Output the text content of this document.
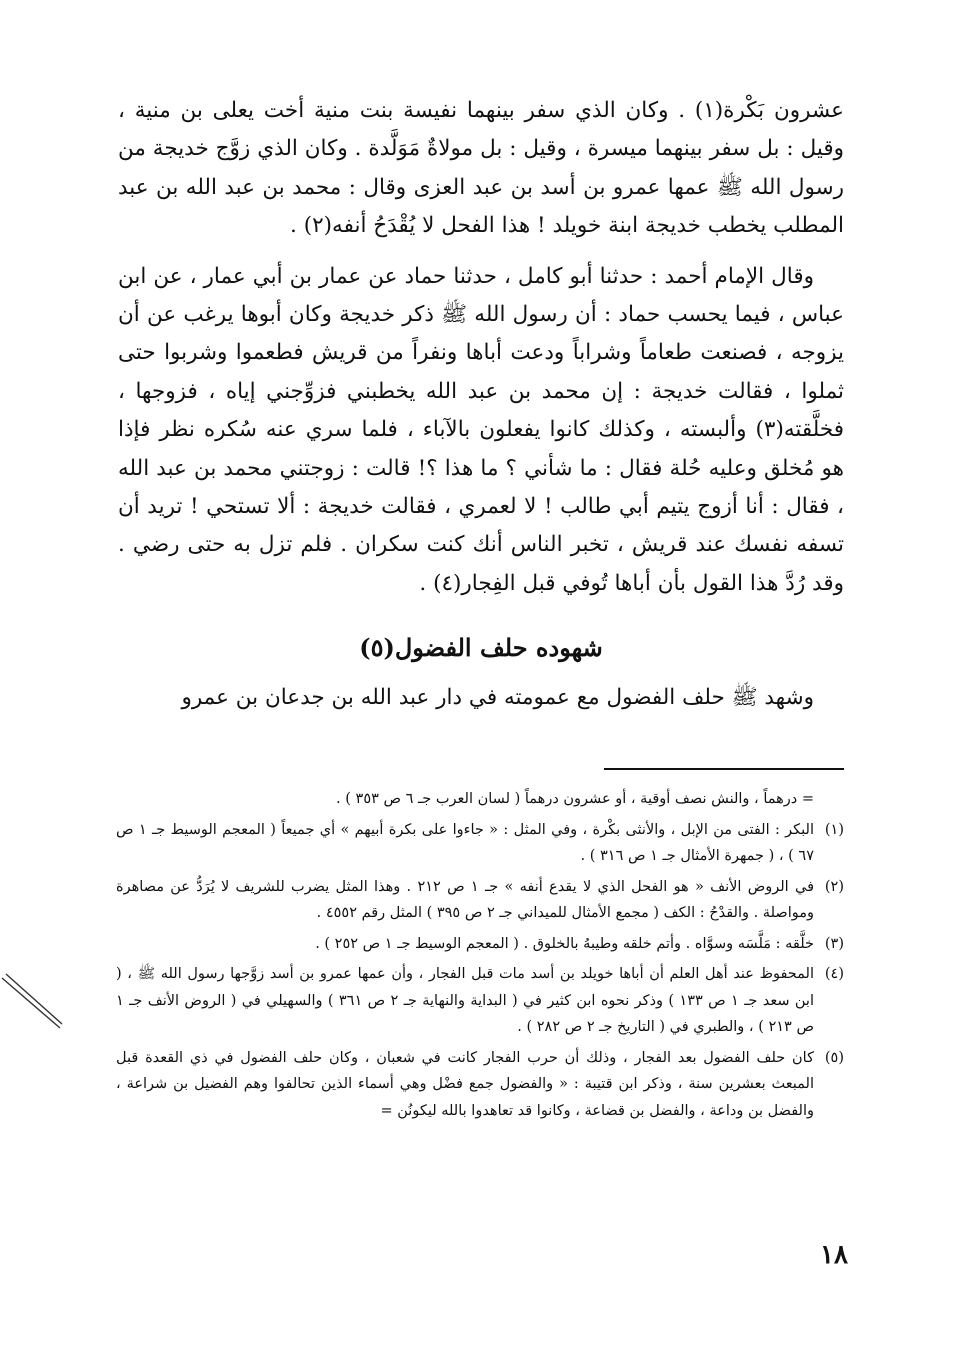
عشرون بَكْرة(١) . وكان الذي سفر بينهما نفيسة بنت منية أخت يعلى بن منية ، وقيل : بل سفر بينهما ميسرة ، وقيل : بل مولاةٌ مَوَلَّدة . وكان الذي زوَّج خديجة من رسول الله ﷺ عمها عمرو بن أسد بن عبد العزى وقال : محمد بن عبد الله بن عبد المطلب يخطب خديجة ابنة خويلد ! هذا الفحل لا يُقْدَحُ أنفه(٢) .

وقال الإمام أحمد : حدثنا أبو كامل ، حدثنا حماد عن عمار بن أبي عمار ، عن ابن عباس ، فيما يحسب حماد : أن رسول الله ﷺ ذكر خديجة وكان أبوها يرغب عن أن يزوجه ، فصنعت طعاماً وشراباً ودعت أباها ونفراً من قريش فطعموا وشربوا حتى ثملوا ، فقالت خديجة : إن محمد بن عبد الله يخطبني فزوِّجني إياه ، فزوجها ، فخلَّقته(٣) وألبسته ، وكذلك كانوا يفعلون بالآباء ، فلما سري عنه سُكره نظر فإذا هو مُخلق وعليه حُلة فقال : ما شأني ؟ ما هذا ؟! قالت : زوجتني محمد بن عبد الله ، فقال : أنا أزوج يتيم أبي طالب ! لا لعمري ، فقالت خديجة : ألا تستحي ! تريد أن تسفه نفسك عند قريش ، تخبر الناس أنك كنت سكران . فلم تزل به حتى رضي . وقد رُدَّ هذا القول بأن أباها تُوفي قبل الفِجار(٤) .

شهوده حلف الفضول(٥)

وشهد ﷺ حلف الفضول مع عمومته في دار عبد الله بن جدعان بن عمرو

= درهماً ، والنش نصف أوقية ، أو عشرون درهماً ( لسان العرب جـ ٦ ص ٣٥٣ ) .
(١)
البكر : الفتى من الإبل ، والأنثى بكْرة ، وفي المثل : « جاءوا على بكرة أبيهم » أي جميعاً ( المعجم الوسيط جـ ١ ص ٦٧ ) ، ( جمهرة الأمثال جـ ١ ص ٣١٦ ) .
(٢)
في الروض الأنف « هو الفحل الذي لا يقدع أنفه » جـ ١ ص ٢١٢ . وهذا المثل يضرب للشريف لا يُرَدُّ عن مصاهرة ومواصلة . والقدْحُ : الكف ( مجمع الأمثال للميداني جـ ٢ ص ٣٩٥ ) المثل رقم ٤٥٥٢ .
(٣)
خلَّقه : مَلَّسَه وسوَّاه . وأتم خلقه وطيبهُ بالخلوق . ( المعجم الوسيط جـ ١ ص ٢٥٢ ) .
(٤)
المحفوظ عند أهل العلم أن أباها خويلد بن أسد مات قبل الفجار ، وأن عمها عمرو بن أسد زوَّجها رسول الله ﷺ ، ( ابن سعد جـ ١ ص ١٣٣ ) وذكر نحوه ابن كثير في ( البداية والنهاية جـ ٢ ص ٣٦١ ) والسهيلي في ( الروض الأنف جـ ١ ص ٢١٣ ) ، والطبري في ( التاريخ جـ ٢ ص ٢٨٢ ) .
(٥)
كان حلف الفضول بعد الفجار ، وذلك أن حرب الفجار كانت في شعبان ، وكان حلف الفضول في ذي القعدة قبل المبعث بعشرين سنة ، وذكر ابن قتيبة : « والفضول جمع فضْل وهي أسماء الذين تحالفوا وهم الفضيل بن شراعة ، والفضل بن وداعة ، والفضل بن قضاعة ، وكانوا قد تعاهدوا بالله ليكونُن =
١٨
